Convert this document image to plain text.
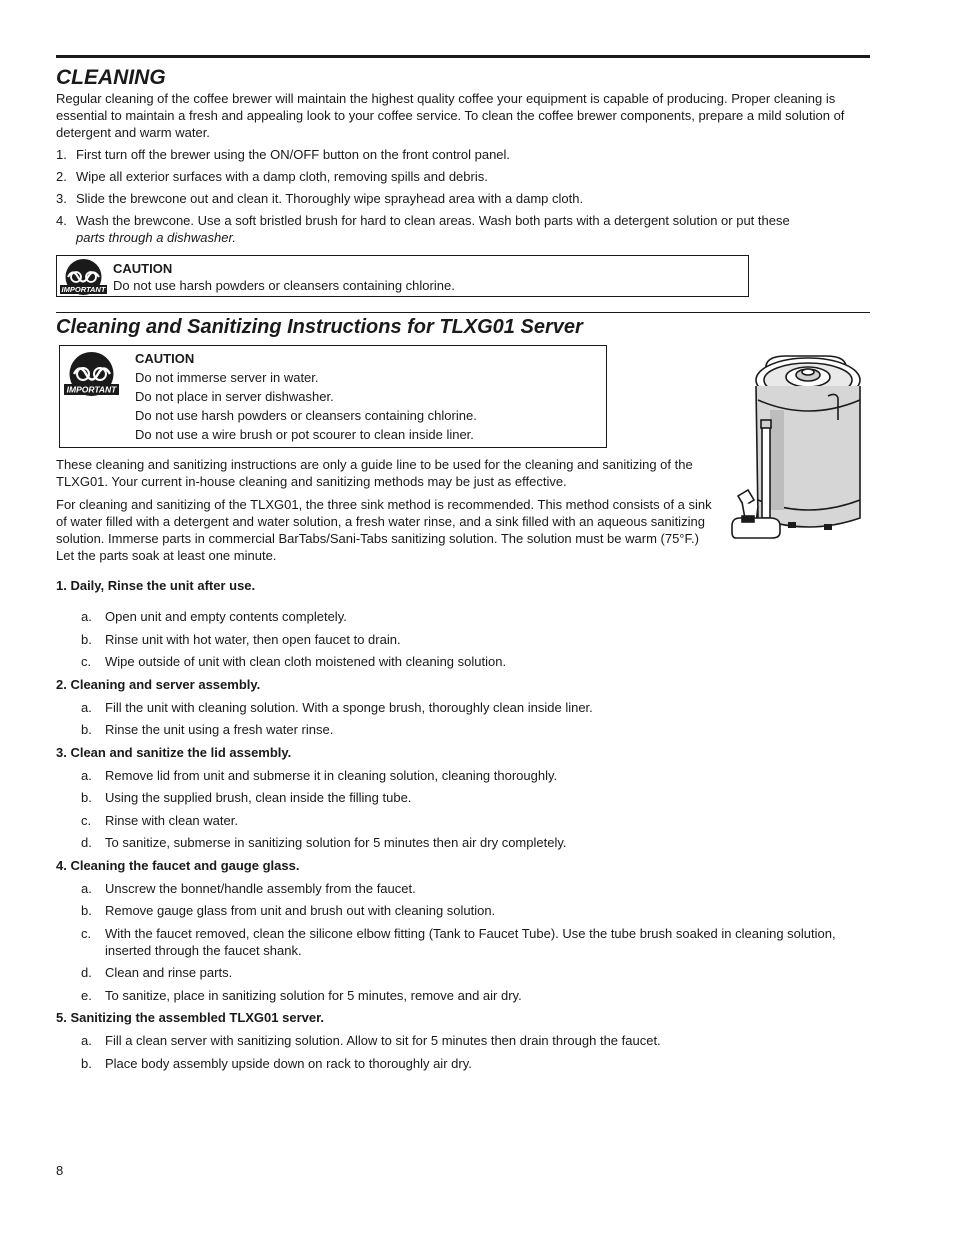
CLEANING

Regular cleaning of the coffee brewer will maintain the highest quality coffee your equipment is capable of producing. Proper cleaning is essential to maintain a fresh and appealing look to your coffee service. To clean the coffee brewer components, prepare a mild solution of detergent and warm water.

1. First turn off the brewer using the ON/OFF button on the front control panel.
2. Wipe all exterior surfaces with a damp cloth, removing spills and debris.
3. Slide the brewcone out and clean it. Thoroughly wipe sprayhead area with a damp cloth.
4. Wash the brewcone. Use a soft bristled brush for hard to clean areas. Wash both parts with a detergent solution or put these
parts through a dishwasher.
IMPORTANT
CAUTION
Do not use harsh powders or cleansers containing chlorine.
Cleaning and Sanitizing Instructions for TLXG01 Server
IMPORTANT
CAUTION
Do not immerse server in water.
Do not place in server dishwasher.
Do not use harsh powders or cleansers containing chlorine.
Do not use a wire brush or pot scourer to clean inside liner.

These cleaning and sanitizing instructions are only a guide line to be used for the cleaning and sanitizing of the TLXG01. Your current in-house cleaning and sanitizing methods may be just as effective.

For cleaning and sanitizing of the TLXG01, the three sink method is recommended. This method consists of a sink of water filled with a detergent and water solution, a fresh water rinse, and a sink filled with an aqueous sanitizing solution. Immerse parts in commercial BarTabs/Sani-Tabs sanitizing solution. The solution must be warm (75°F.) Let the parts soak at least one minute.

1. Daily, Rinse the unit after use.
a. Open unit and empty contents completely.
b. Rinse unit with hot water, then open faucet to drain.
c. Wipe outside of unit with clean cloth moistened with cleaning solution.
2. Cleaning and server assembly.
a. Fill the unit with cleaning solution. With a sponge brush, thoroughly clean inside liner.
b. Rinse the unit using a fresh water rinse.
3. Clean and sanitize the lid assembly.
a. Remove lid from unit and submerse it in cleaning solution, cleaning thoroughly.
b. Using the supplied brush, clean inside the filling tube.
c. Rinse with clean water.
d. To sanitize, submerse in sanitizing solution for 5 minutes then air dry completely.
4. Cleaning the faucet and gauge glass.
a. Unscrew the bonnet/handle assembly from the faucet.
b. Remove gauge glass from unit and brush out with cleaning solution.
c. With the faucet removed, clean the silicone elbow fitting (Tank to Faucet Tube). Use the tube brush soaked in cleaning solution, inserted through the faucet shank.
d. Clean and rinse parts.
e. To sanitize, place in sanitizing solution for 5 minutes, remove and air dry.
5. Sanitizing the assembled TLXG01 server.
a. Fill a clean server with sanitizing solution. Allow to sit for 5 minutes then drain through the faucet.
b. Place body assembly upside down on rack to thoroughly air dry.
8
